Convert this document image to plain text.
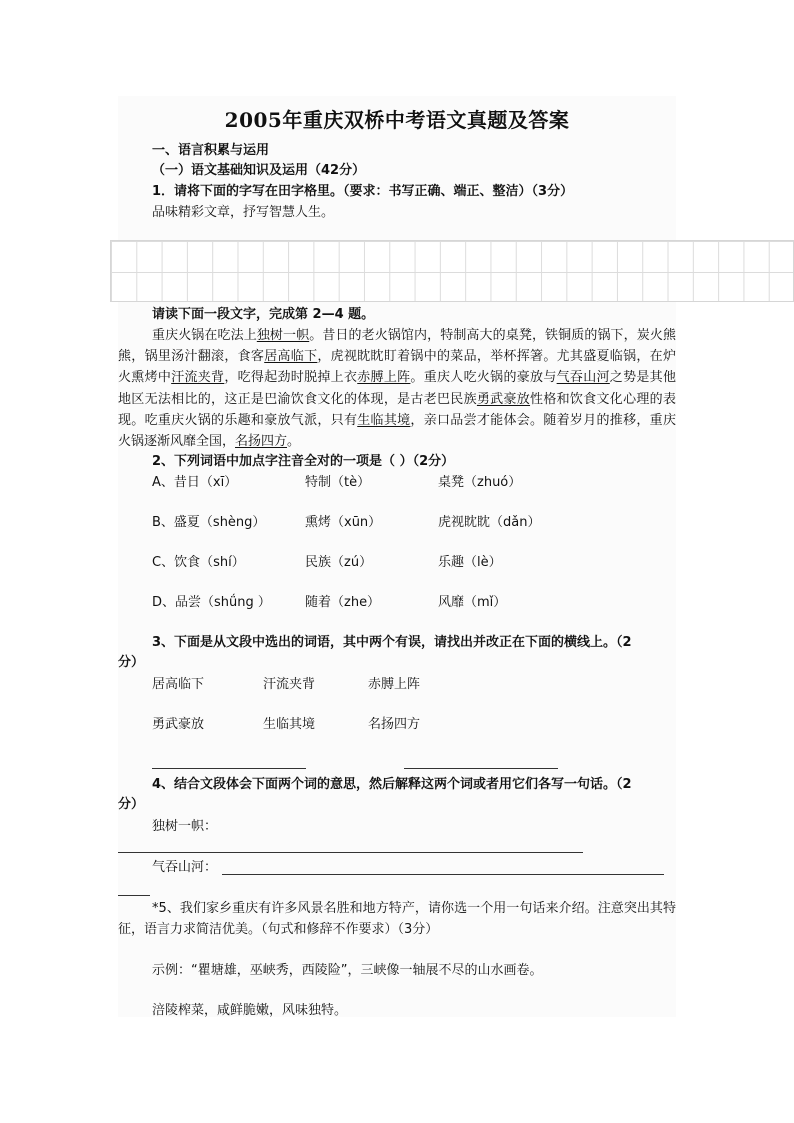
2005年重庆双桥中考语文真题及答案
一、语言积累与运用
（一）语文基础知识及运用（42分）
1．请将下面的字写在田字格里。（要求：书写正确、端正、整洁）（3分）
品味精彩文章，抒写智慧人生。
请读下面一段文字，完成第 2—4 题。
重庆火锅在吃法上独树一帜。昔日的老火锅馆内，特制高大的桌凳，铁铜质的锅下，炭火熊熊，锅里汤汁翻滚，食客居高临下，虎视眈眈盯着锅中的菜品，举杯挥箸。尤其盛夏临锅，在炉火熏烤中汗流夹背，吃得起劲时脱掉上衣赤膊上阵。重庆人吃火锅的豪放与气吞山河之势是其他地区无法相比的，这正是巴渝饮食文化的体现，是古老巴民族勇武豪放性格和饮食文化心理的表现。吃重庆火锅的乐趣和豪放气派，只有生临其境，亲口品尝才能体会。随着岁月的推移，重庆火锅逐渐风靡全国，名扬四方。
2、下列词语中加点字注音全对的一项是（ ）（2分）
A、昔日（xī）	特制（tè）	桌凳（zhuó）
B、盛夏（shèng）	熏烤（xūn）	虎视眈眈（dǎn）
C、饮食（shí）	民族（zú）	乐趣（lè）
D、品尝（shǘng ）	随着（zhe）	风靡（mǐ）
3、下面是从文段中选出的词语，其中两个有误，请找出并改正在下面的横线上。（2
分）
居高临下	汗流夹背	赤膊上阵
勇武豪放	生临其境	名扬四方
4、结合文段体会下面两个词的意思，然后解释这两个词或者用它们各写一句话。（2
分）
独树一帜：
气吞山河：
*5、我们家乡重庆有许多风景名胜和地方特产，请你选一个用一句话来介绍。注意突出其特征，语言力求简洁优美。（句式和修辞不作要求）（3分）
示例：“瞿塘雄，巫峡秀，西陵险”，三峡像一轴展不尽的山水画卷。
涪陵榨菜，咸鲜脆嫩，风味独特。
